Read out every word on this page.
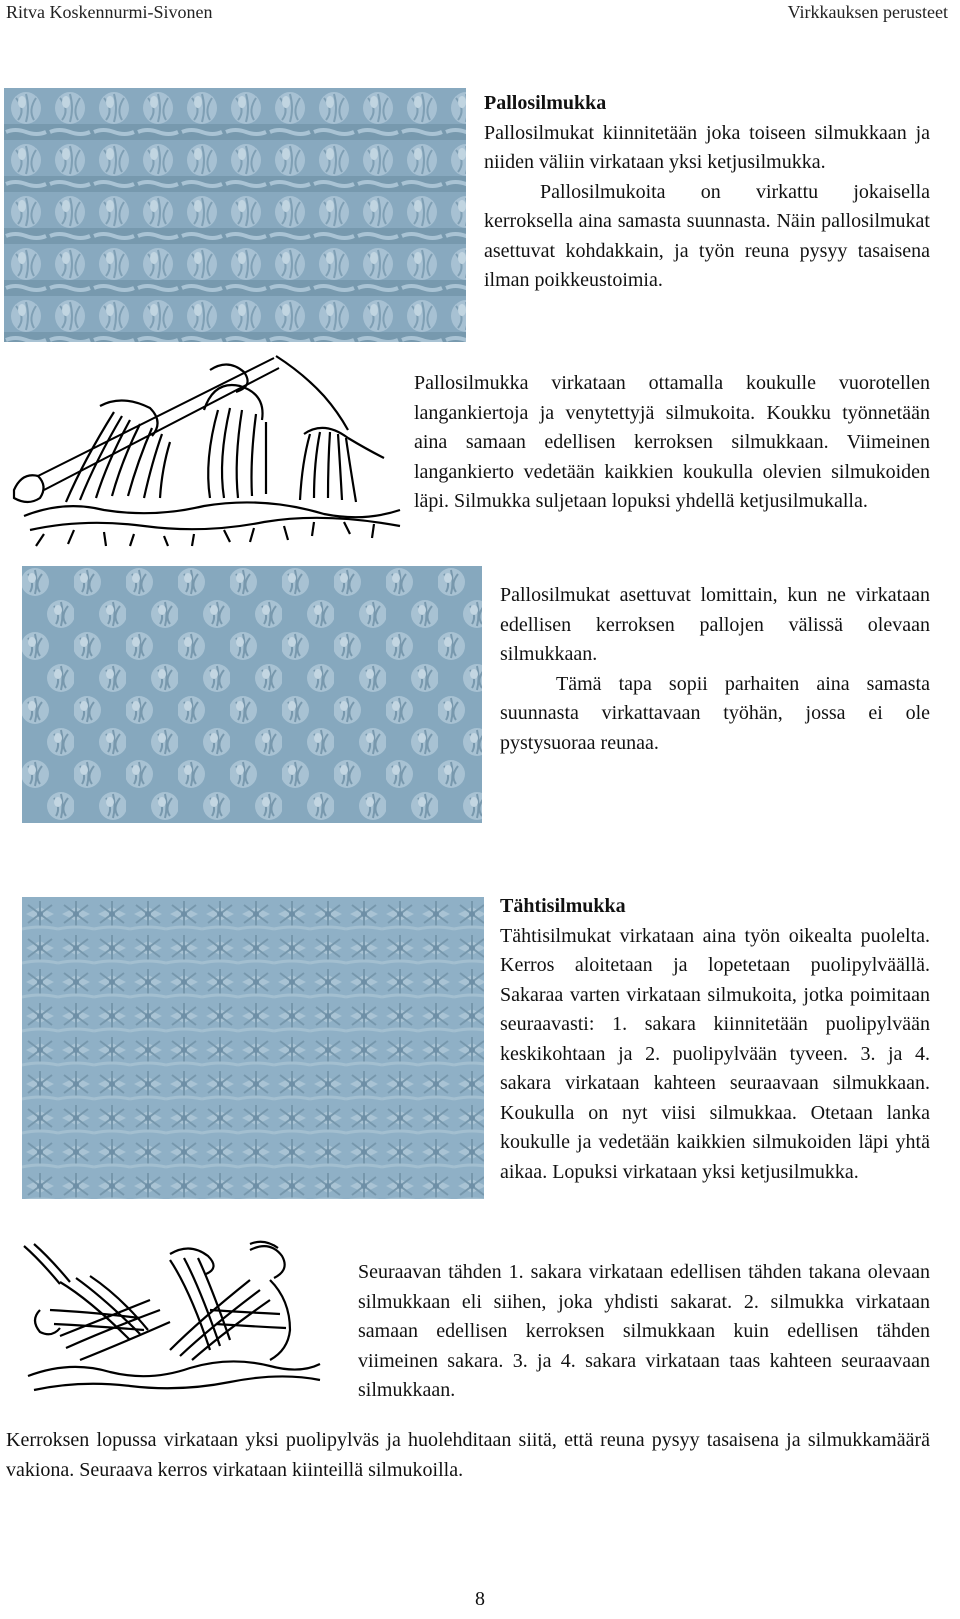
Ritva Koskennurmi-Sivonen	Virkkauksen perusteet

Pallosilmukka

Pallosilmukat kiinnitetään joka toiseen silmukkaan ja niiden väliin virkataan yksi ketjusilmukka.

Pallosilmukoita on virkattu jokaisella kerroksella aina samasta suunnasta. Näin pallosilmukat asettuvat kohdakkain, ja työn reuna pysyy tasaisena ilman poikkeustoimia.

Pallosilmukka virkataan ottamalla koukulle vuorotellen langankiertoja ja venytettyjä silmukoita. Koukku työnnetään aina samaan edellisen kerroksen silmukkaan. Viimeinen langankierto vedetään kaikkien koukulla olevien silmukoiden läpi. Silmukka suljetaan lopuksi yhdellä ketjusilmukalla.

Pallosilmukat asettuvat lomittain, kun ne virkataan edellisen kerroksen pallojen välissä olevaan silmukkaan.

Tämä tapa sopii parhaiten aina samasta suunnasta virkattavaan työhän, jossa ei ole pystysuoraa reunaa.

Tähtisilmukka

Tähtisilmukat virkataan aina työn oikealta puolelta. Kerros aloitetaan ja lopetetaan puolipylväällä. Sakaraa varten virkataan silmukoita, jotka poimitaan seuraavasti: 1. sakara kiinnitetään puolipylvään keskikohtaan ja 2. puolipylvään tyveen. 3. ja 4. sakara virkataan kahteen seuraavaan silmukkaan. Koukulla on nyt viisi silmukkaa. Otetaan lanka koukulle ja vedetään kaikkien silmukoiden läpi yhtä aikaa. Lopuksi virkataan yksi ketjusilmukka.

Seuraavan tähden 1. sakara virkataan edellisen tähden takana olevaan silmukkaan eli siihen, joka yhdisti sakarat. 2. silmukka virkataan samaan edellisen kerroksen silmukkaan kuin edellisen tähden viimeinen sakara. 3. ja 4. sakara virkataan taas kahteen seuraavaan silmukkaan.

Kerroksen lopussa virkataan yksi puolipylväs ja huolehditaan siitä, että reuna pysyy tasaisena ja silmukkamäärä vakiona. Seuraava kerros virkataan kiinteillä silmukoilla.

8
